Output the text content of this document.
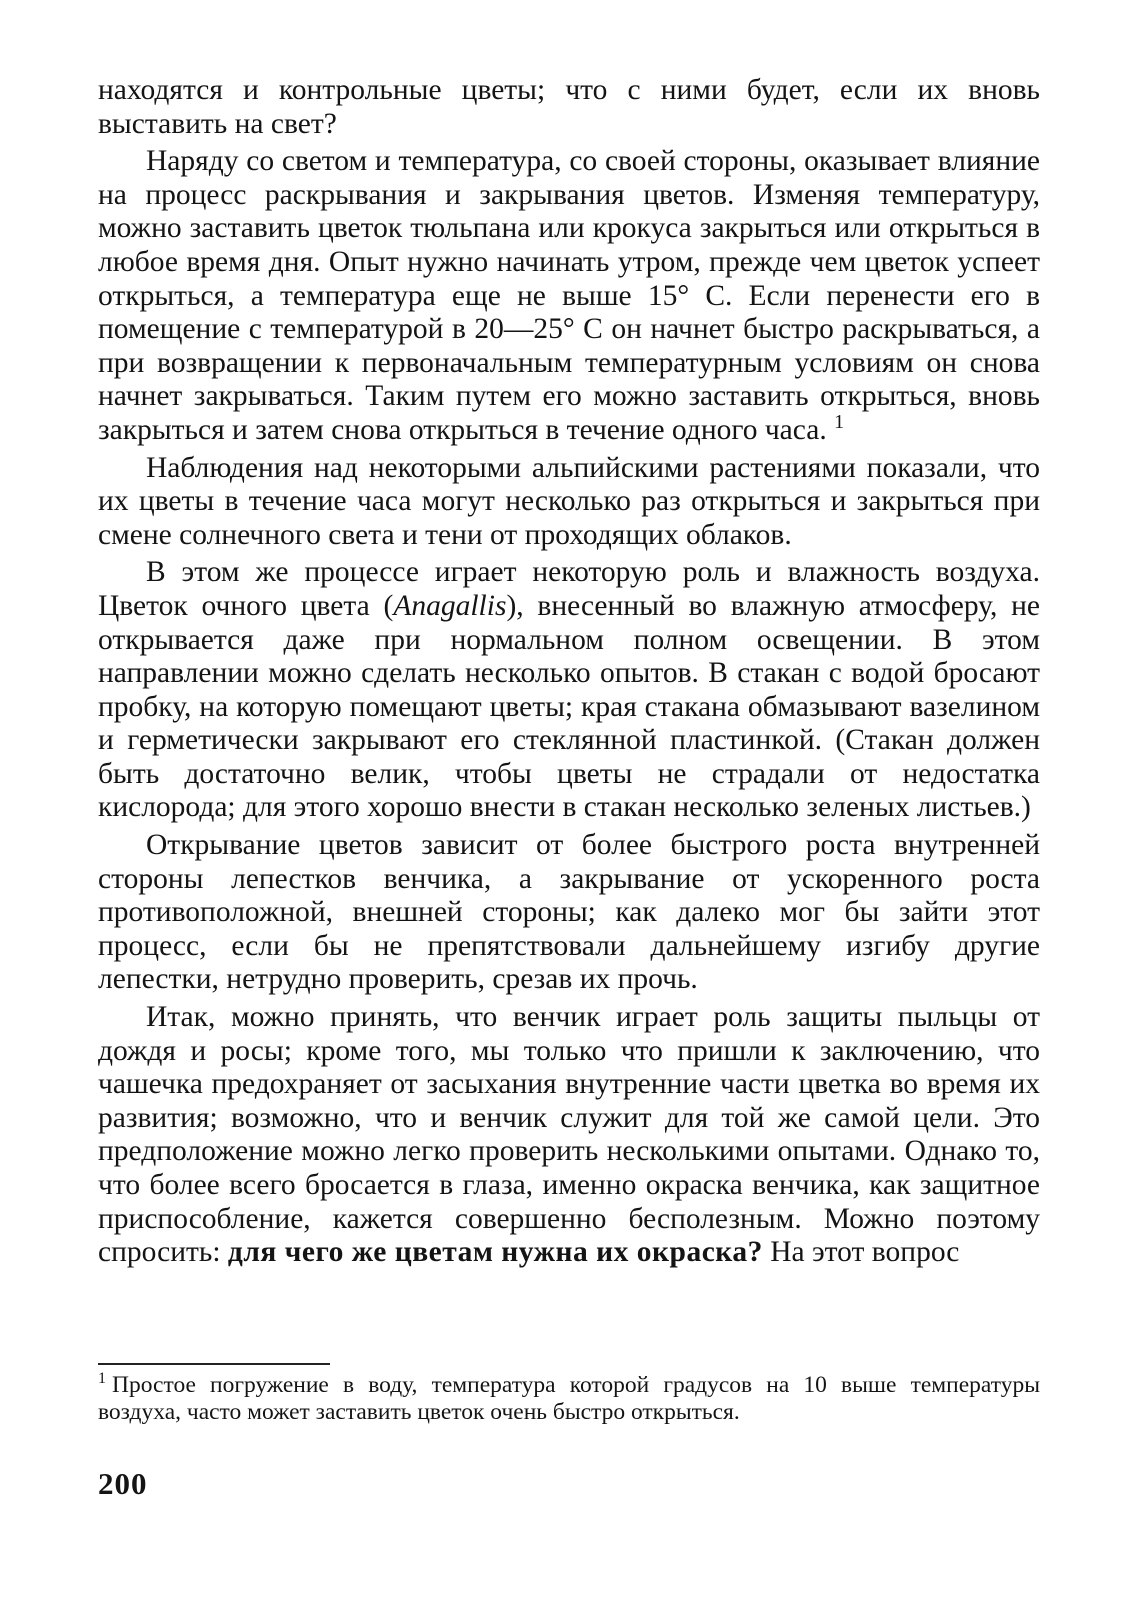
находятся и контрольные цветы; что с ними будет, если их вновь выставить на свет?

Наряду со светом и температура, со своей стороны, оказывает влияние на процесс раскрывания и закрывания цветов. Изменяя температуру, можно заставить цветок тюльпана или крокуса закрыться или открыться в любое время дня. Опыт нужно начинать утром, прежде чем цветок успеет открыться, а температура еще не выше 15° С. Если перенести его в помещение с температурой в 20—25° С он начнет быстро раскрываться, а при возвращении к первоначальным температурным условиям он снова начнет закрываться. Таким путем его можно заставить открыться, вновь закрыться и затем снова открыться в течение одного часа. $^1$

Наблюдения над некоторыми альпийскими растениями показали, что их цветы в течение часа могут несколько раз открыться и закрыться при смене солнечного света и тени от проходящих облаков.

В этом же процессе играет некоторую роль и влажность воздуха. Цветок очного цвета (Anagallis), внесенный во влажную атмосферу, не открывается даже при нормальном полном освещении. В этом направлении можно сделать несколько опытов. В стакан с водой бросают пробку, на которую помещают цветы; края стакана обмазывают вазелином и герметически закрывают его стеклянной пластинкой. (Стакан должен быть достаточно велик, чтобы цветы не страдали от недостатка кислорода; для этого хорошо внести в стакан несколько зеленых листьев.)

Открывание цветов зависит от более быстрого роста внутренней стороны лепестков венчика, а закрывание от ускоренного роста противоположной, внешней стороны; как далеко мог бы зайти этот процесс, если бы не препятствовали дальнейшему изгибу другие лепестки, нетрудно проверить, срезав их прочь.

Итак, можно принять, что венчик играет роль защиты пыльцы от дождя и росы; кроме того, мы только что пришли к заключению, что чашечка предохраняет от засыхания внутренние части цветка во время их развития; возможно, что и венчик служит для той же самой цели. Это предположение можно легко проверить несколькими опытами. Однако то, что более всего бросается в глаза, именно окраска венчика, как защитное приспособление, кажется совершенно бесполезным. Можно поэтому спросить: для чего же цветам нужна их окраска? На этот вопрос

$^1$ Простое погружение в воду, температура которой градусов на 10 выше температуры воздуха, часто может заставить цветок очень быстро открыться.
200
